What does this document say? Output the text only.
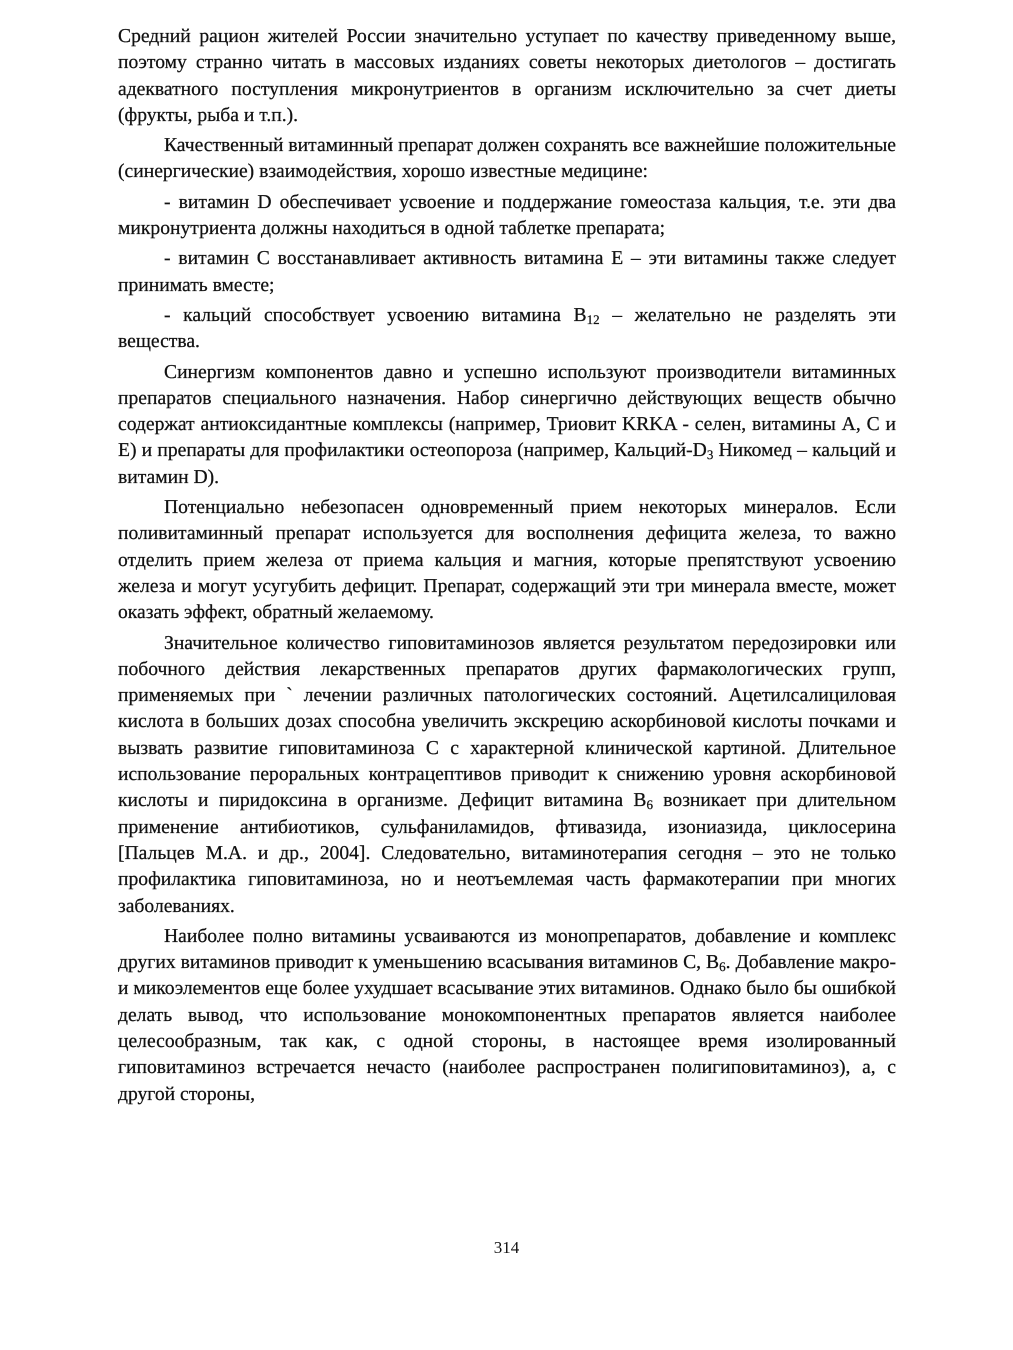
Средний рацион жителей России значительно уступает по качеству приведенному выше, поэтому странно читать в массовых изданиях советы некоторых диетологов – достигать адекватного поступления микронутриентов в организм исключительно за счет диеты (фрукты, рыба и т.п.).

Качественный витаминный препарат должен сохранять все важнейшие положительные (синергические) взаимодействия, хорошо известные медицине:

- витамин D обеспечивает усвоение и поддержание гомеостаза кальция, т.е. эти два микронутриента должны находиться в одной таблетке препарата;

- витамин С восстанавливает активность витамина Е – эти витамины также следует принимать вместе;

- кальций способствует усвоению витамина $B_{12}$ – желательно не разделять эти вещества.

Синергизм компонентов давно и успешно используют производители витаминных препаратов специального назначения. Набор синергично действующих веществ обычно содержат антиоксидантные комплексы (например, Триовит KRKA - селен, витамины А, С и Е) и препараты для профилактики остеопороза (например, Кальций-$D_3$ Никомед – кальций и витамин D).

Потенциально небезопасен одновременный прием некоторых минералов. Если поливитаминный препарат используется для восполнения дефицита железа, то важно отделить прием железа от приема кальция и магния, которые препятствуют усвоению железа и могут усугубить дефицит. Препарат, содержащий эти три минерала вместе, может оказать эффект, обратный желаемому.

Значительное количество гиповитаминозов является результатом передозировки или побочного действия лекарственных препаратов других фармакологических групп, применяемых при ` лечении различных патологических состояний. Ацетилсалициловая кислота в больших дозах способна увеличить экскрецию аскорбиновой кислоты почками и вызвать развитие гиповитаминоза С с характерной клинической картиной. Длительное использование пероральных контрацептивов приводит к снижению уровня аскорбиновой кислоты и пиридоксина в организме. Дефицит витамина $B_6$ возникает при длительном применение антибиотиков, сульфаниламидов, фтивазида, изониазида, циклосерина [Пальцев М.А. и др., 2004]. Следовательно, витаминотерапия сегодня – это не только профилактика гиповитаминоза, но и неотъемлемая часть фармакотерапии при многих заболеваниях.

Наиболее полно витамины усваиваются из монопрепаратов, добавление и комплекс других витаминов приводит к уменьшению всасывания витаминов С, $B_6$. Добавление макро-и микоэлементов еще более ухудшает всасывание этих витаминов. Однако было бы ошибкой делать вывод, что использование монокомпонентных препаратов является наиболее целесообразным, так как, с одной стороны, в настоящее время изолированный гиповитаминоз встречается нечасто (наиболее распространен полигиповитаминоз), а, с другой стороны,

314
